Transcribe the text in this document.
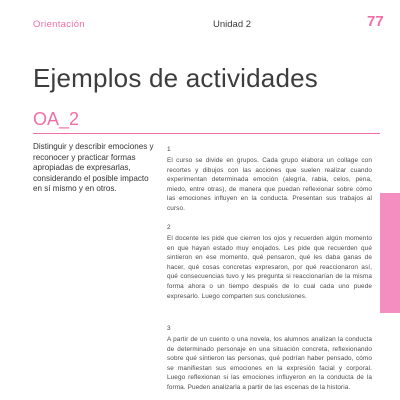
Orientación	Unidad 2	77
Ejemplos de actividades
OA_2

Distinguir y describir emociones y reconocer y practicar formas apropiadas de expresarlas, considerando el posible impacto en sí mismo y en otros.

1
El curso se divide en grupos. Cada grupo elabora un collage con recortes y dibujos con las acciones que suelen realizar cuando experimentan determinada emoción (alegría, rabia, celos, pena, miedo, entre otras), de manera que puedan reflexionar sobre cómo las emociones influyen en la conducta. Presentan sus trabajos al curso.
2
El docente les pide que cierren los ojos y recuerden algún momento en que hayan estado muy enojados. Les pide que recuerden qué sintieron en ese momento, qué pensaron, qué les daba ganas de hacer, qué cosas concretas expresaron, por qué reaccionaron así, qué consecuencias tuvo y les pregunta si reaccionarían de la misma forma ahora o un tiempo después de lo cual cada uno puede expresarlo. Luego comparten sus conclusiones.
3
A partir de un cuento o una novela, los alumnos analizan la conducta de determinado personaje en una situación concreta, reflexionando sobre qué sintieron las personas, qué podrían haber pensado, cómo se manifiestan sus emociones en la expresión facial y corporal. Luego reflexionan si las emociones influyeron en la conducta de la forma. Pueden analizarla a partir de las escenas de la historia.
